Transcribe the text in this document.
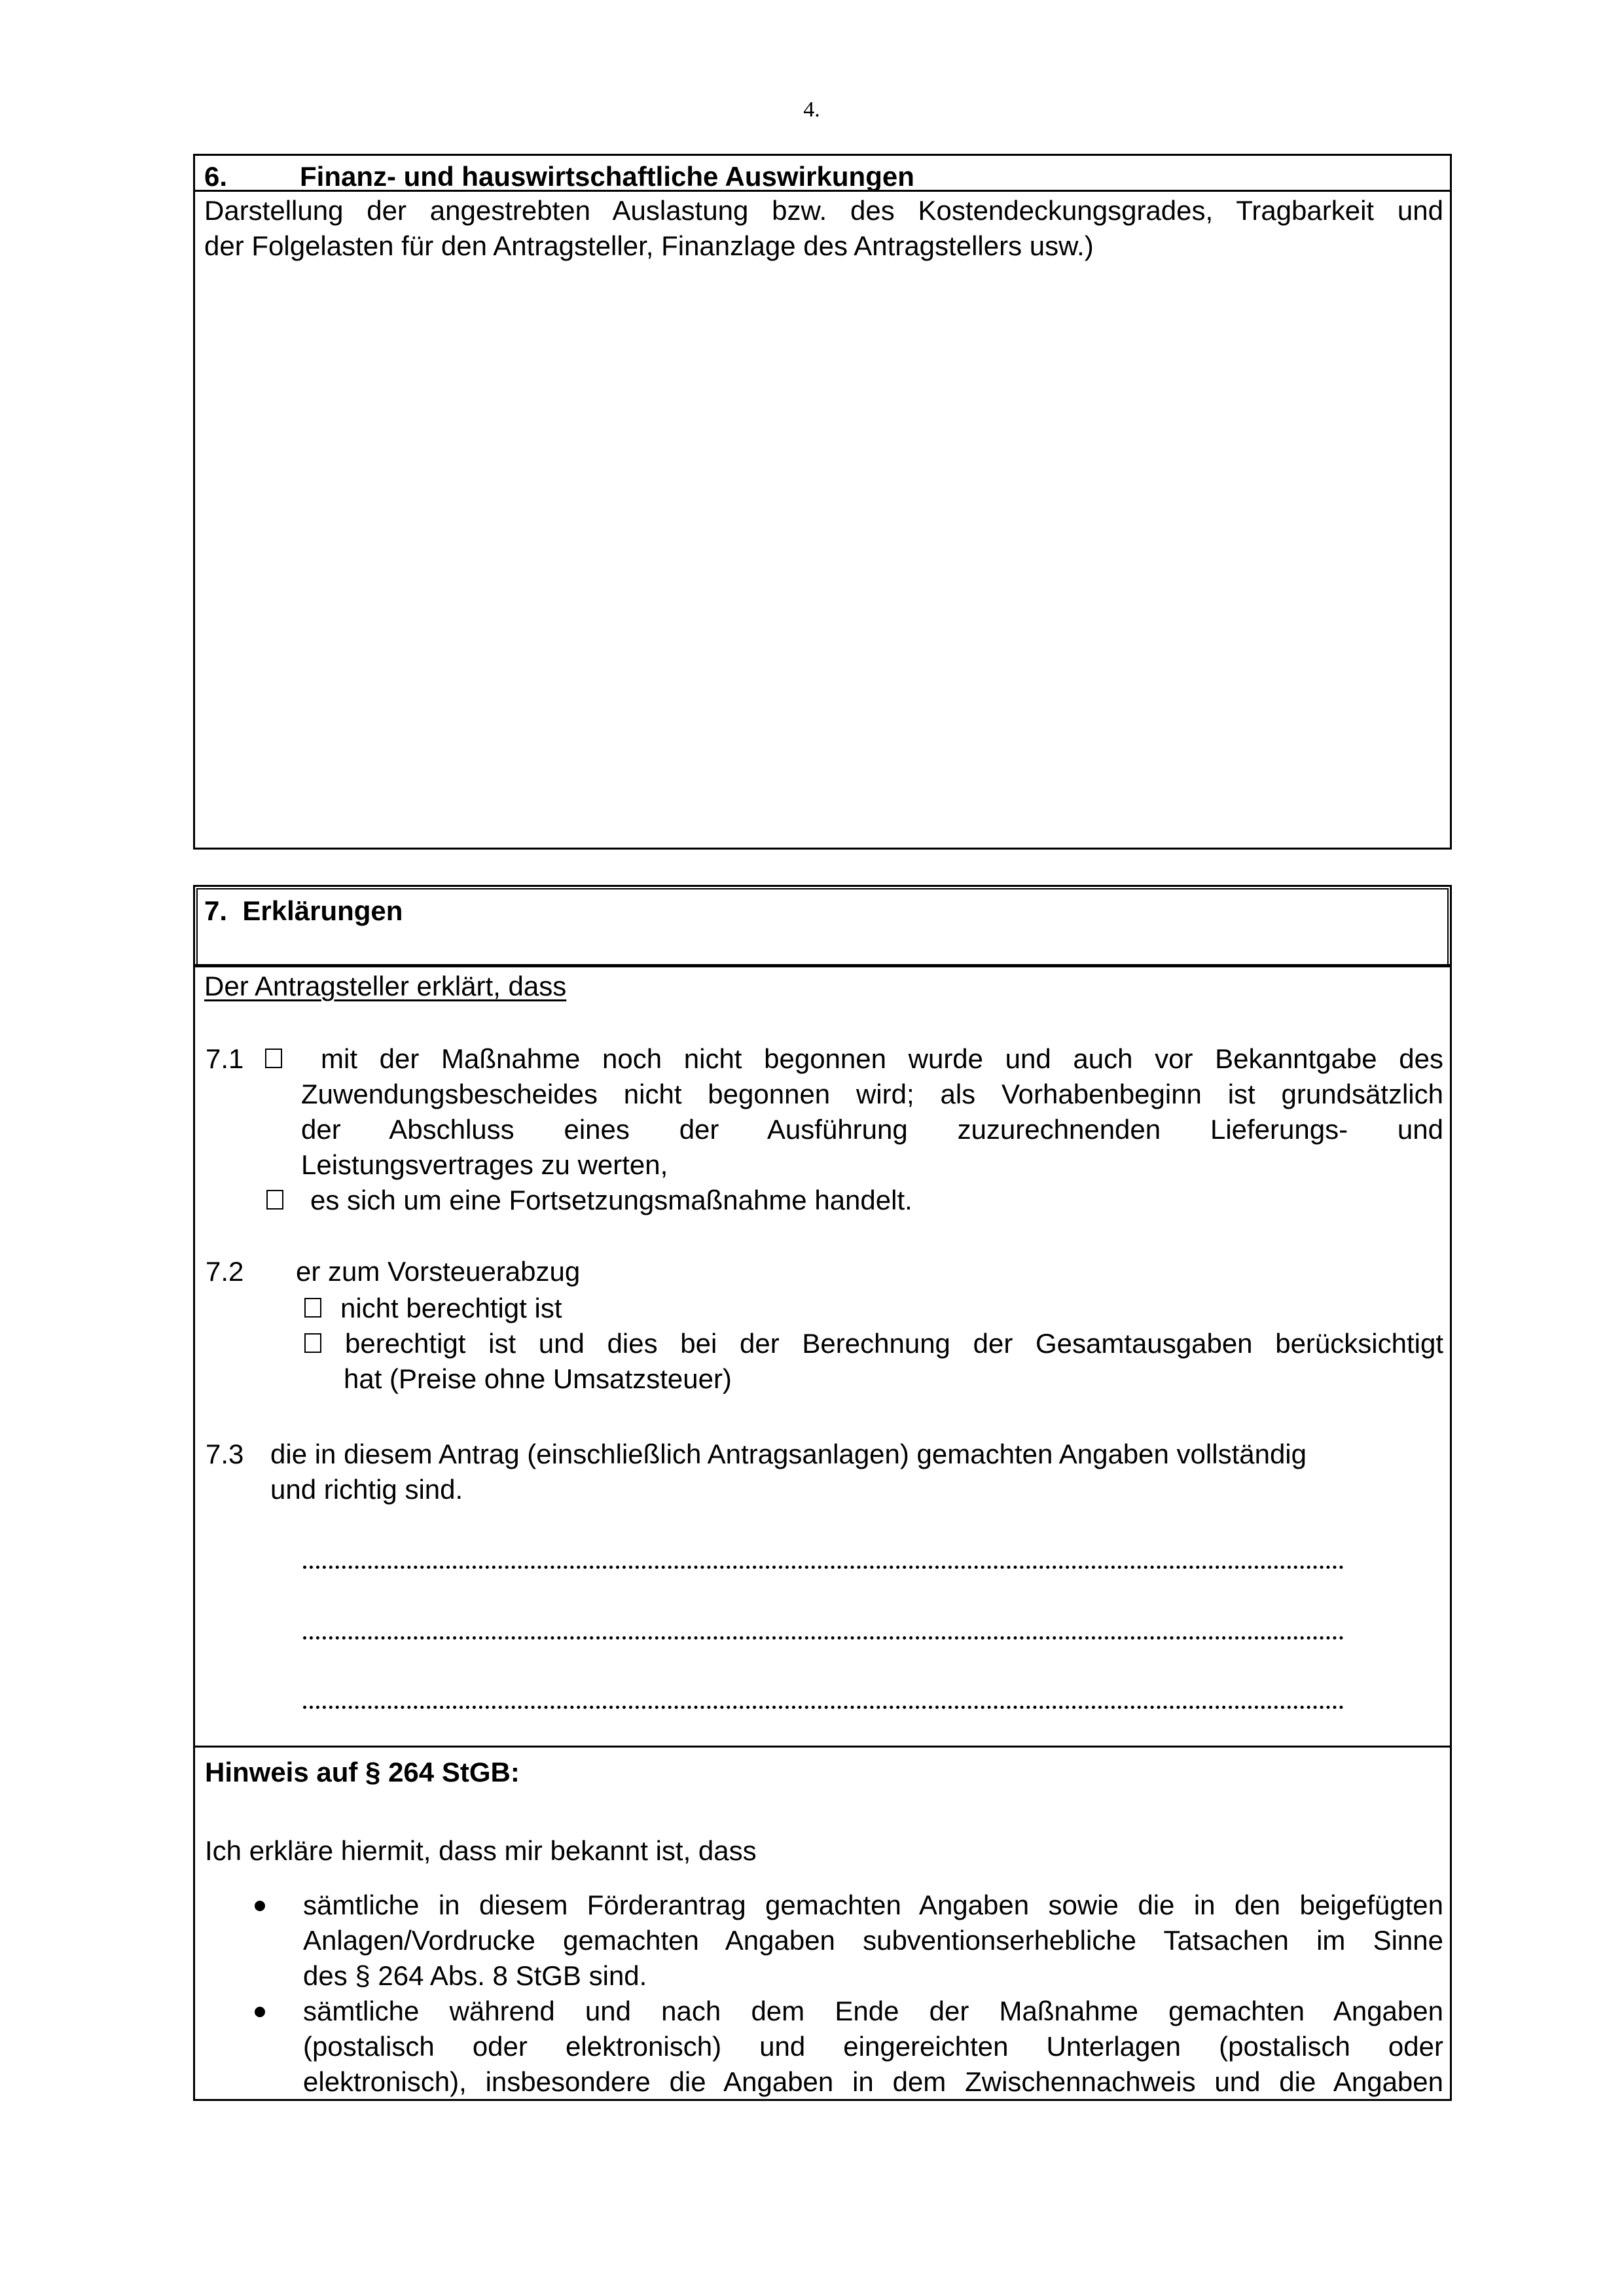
4.
6.	Finanz- und hauswirtschaftliche Auswirkungen
Darstellung der angestrebten Auslastung bzw. des Kostendeckungsgrades, Tragbarkeit und
der Folgelasten für den Antragsteller, Finanzlage des Antragstellers usw.)
7.  Erklärungen
Der Antragsteller erklärt, dass
7.1	mit der Maßnahme noch nicht begonnen wurde und auch vor Bekanntgabe des
Zuwendungsbescheides nicht begonnen wird; als Vorhabenbeginn ist grundsätzlich
der Abschluss eines der Ausführung zuzurechnenden Lieferungs- und
Leistungsvertrages zu werten,
es sich um eine Fortsetzungsmaßnahme handelt.
7.2 er zum Vorsteuerabzug
nicht berechtigt ist
berechtigt ist und dies bei der Berechnung der Gesamtausgaben berücksichtigt
hat (Preise ohne Umsatzsteuer)
7.3 die in diesem Antrag (einschließlich Antragsanlagen) gemachten Angaben vollständig
und richtig sind.
Hinweis auf § 264 StGB:
Ich erkläre hiermit, dass mir bekannt ist, dass
sämtliche in diesem Förderantrag gemachten Angaben sowie die in den beigefügten
Anlagen/Vordrucke gemachten Angaben subventionserhebliche Tatsachen im Sinne
des § 264 Abs. 8 StGB sind.
sämtliche während und nach dem Ende der Maßnahme gemachten Angaben
(postalisch oder elektronisch) und eingereichten Unterlagen (postalisch oder
elektronisch), insbesondere die Angaben in dem Zwischennachweis und die Angaben
